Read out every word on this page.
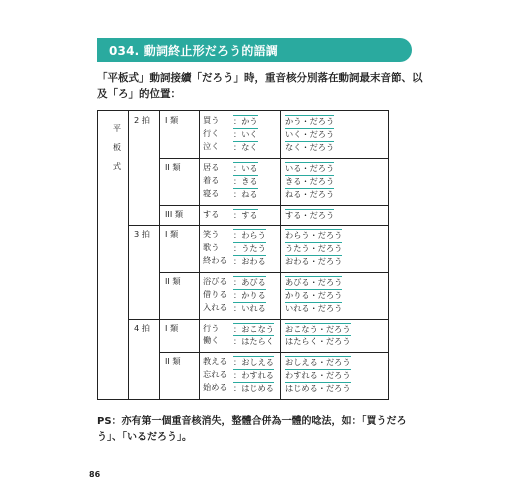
034. 動詞終止形だろう的語調
「平板式」動詞接續「だろう」時，重音核分別落在動詞最末音節、以及「ろ」的位置：
平
板
式
2 拍 I 類	買う ：かう	かう・だろう
行く ：いく	いく・だろう
泣く ：なく	なく・だろう
II 類	居る ：いる	いる・だろう
着る ：きる	きる・だろう
寝る ：ねる	ねる・だろう
III 類 する ：する	する・だろう
3 拍 I 類	笑う ：わらう わらう・だろう
歌う ：うたう うたう・だろう
終わる ：おわる おわる・だろう
II 類	浴びる ：あびる あびる・だろう
借りる ：かりる かりる・だろう
入れる ：いれる いれる・だろう
4 拍 I 類	行う ：おこなう おこなう・だろう
働く ：はたらく はたらく・だろう
II 類	教える ：おしえる おしえる・だろう
忘れる ：わすれる わすれる・だろう
始める ：はじめる はじめる・だろう
PS：亦有第一個重音核消失，整體合併為一體的唸法，如：「買うだろう」、「いるだろう」。
86
